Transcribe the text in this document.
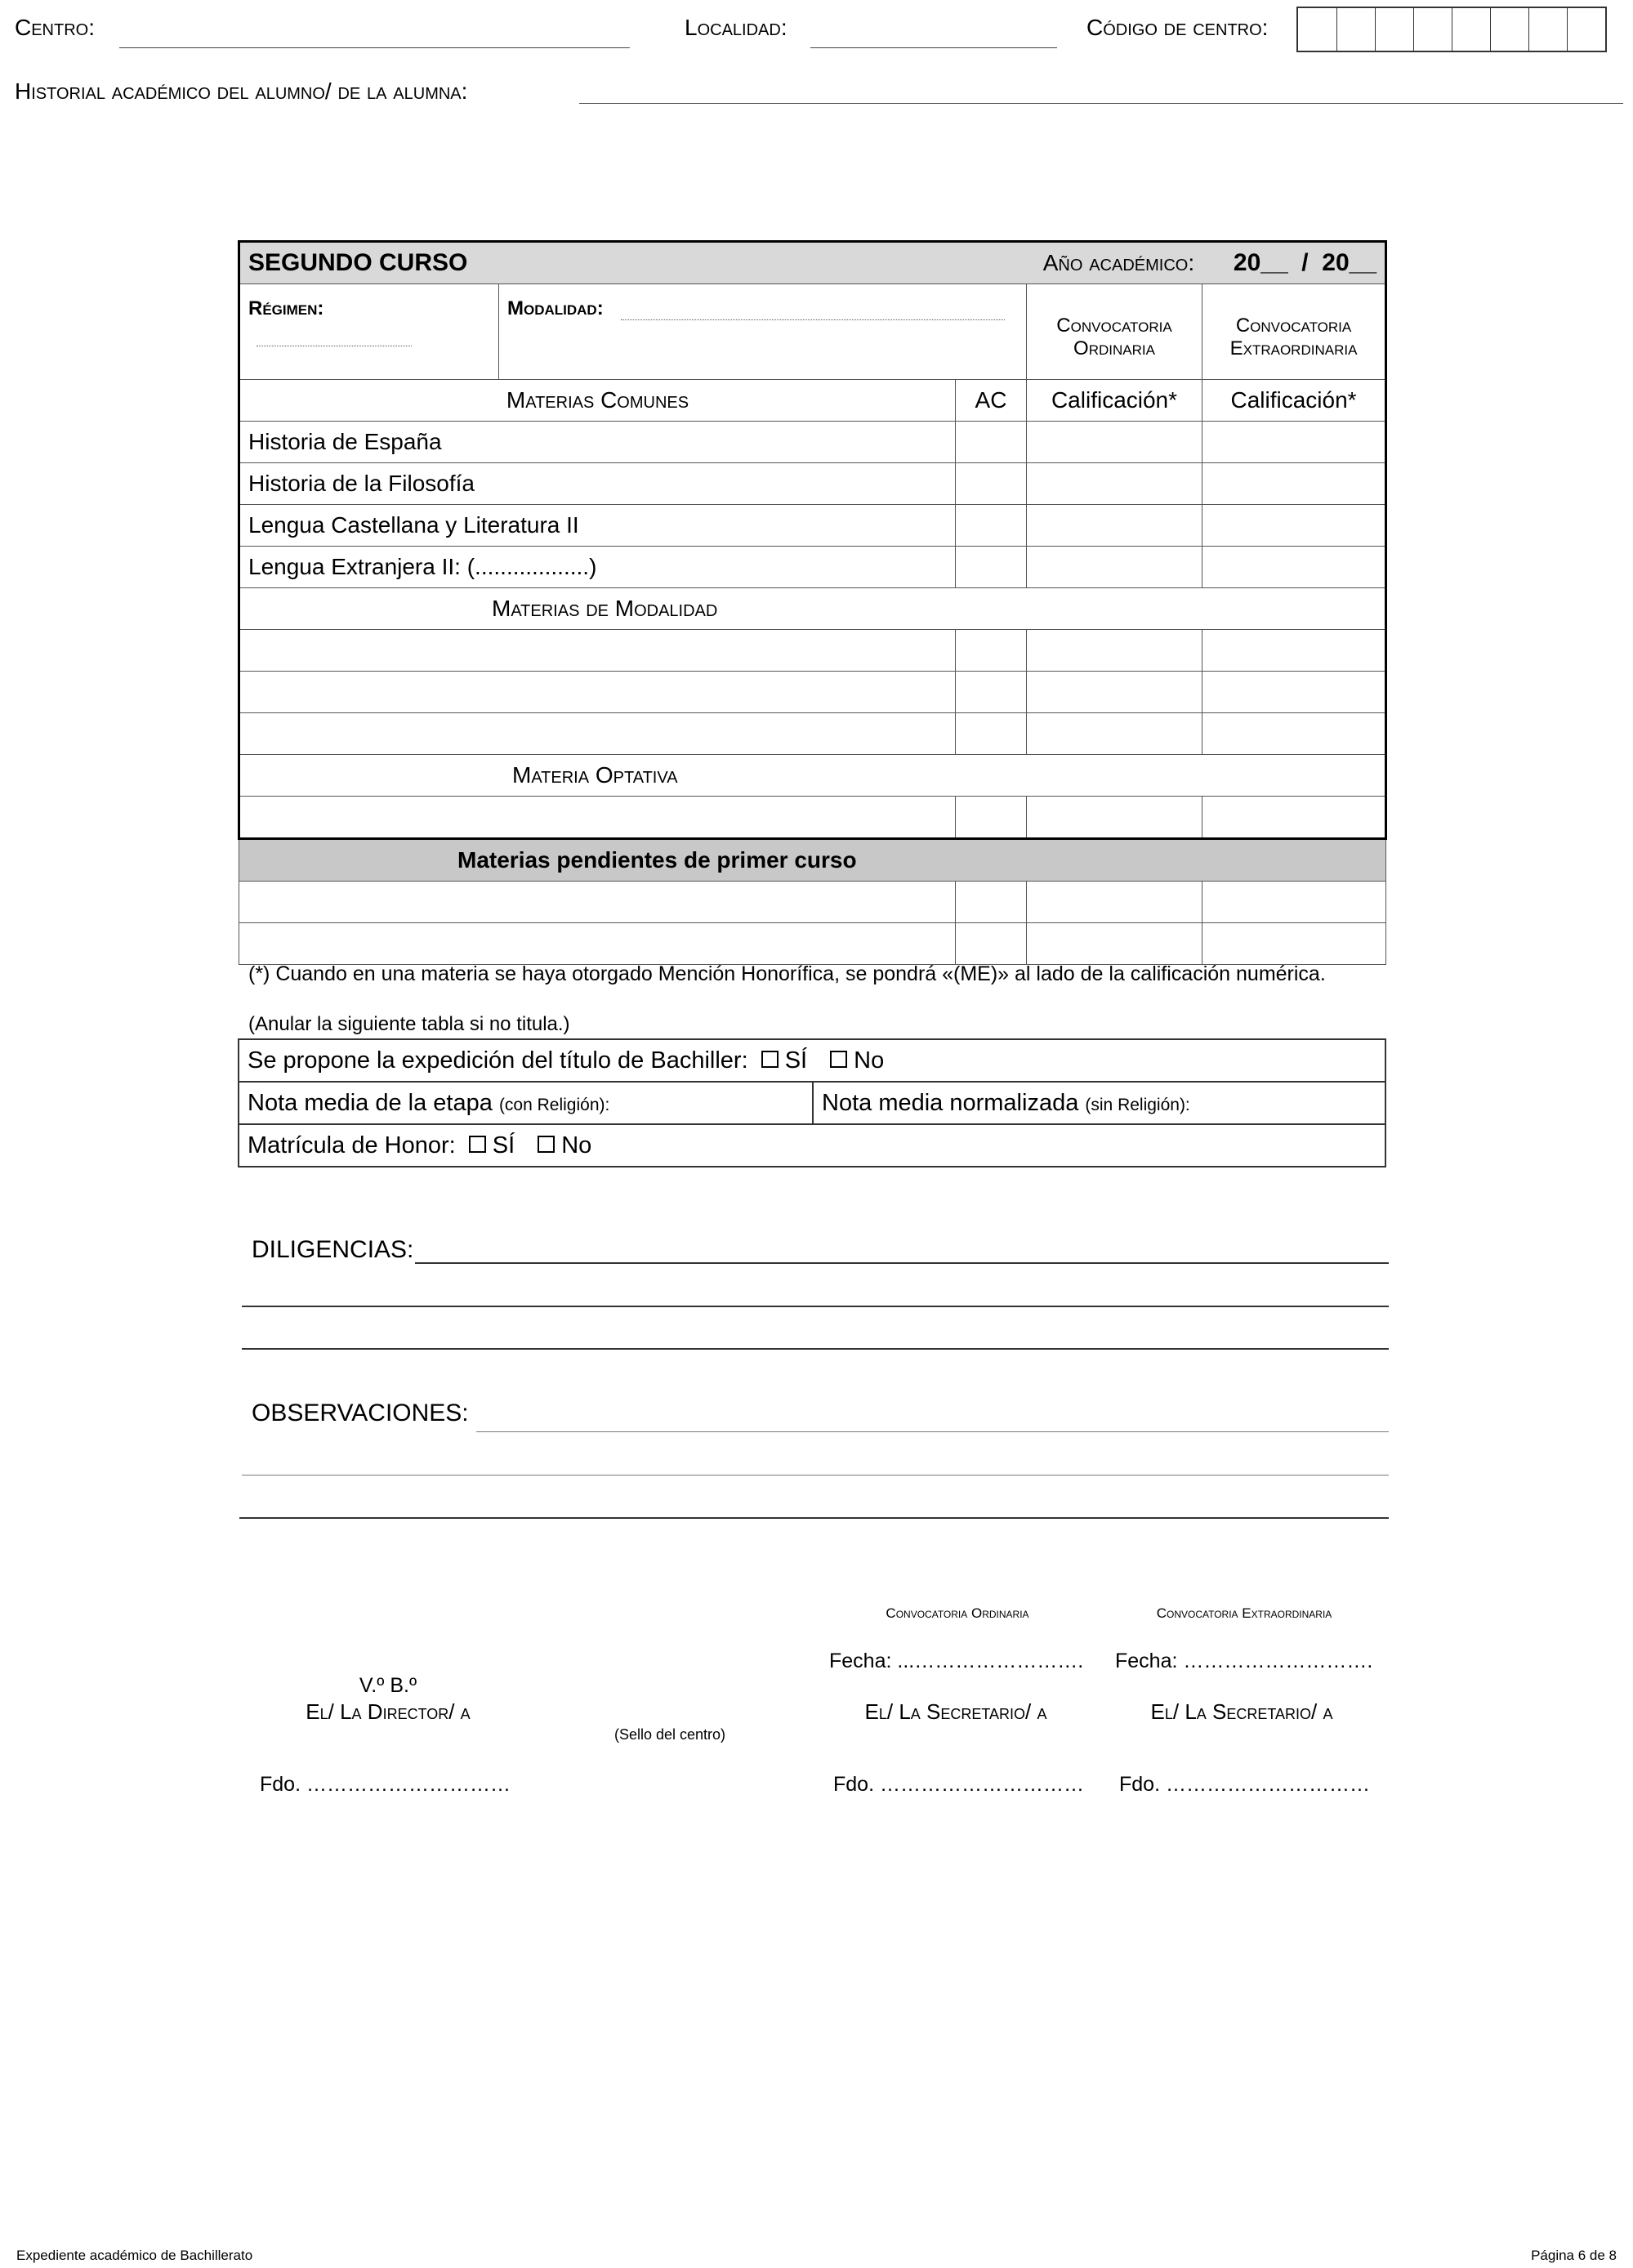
Centro:	Localidad:	Código de centro:
Historial académico del alumno/ de la alumna:
SEGUNDO CURSO Año académico: 20__  /  20__				

Régimen:	Modalidad:		Convocatoria Ordinaria	Convocatoria Extraordinaria
Materias Comunes		AC	Calificación*	Calificación*
Historia de España				
Historia de la Filosofía				
Lengua Castellana y Literatura II				
Lengua Extranjera II: (..................)				
Materias de Modalidad				

Materia Optativa				

Materias pendientes de primer curso				

(*) Cuando en una materia se haya otorgado Mención Honorífica, se pondrá «(ME)» al lado de la calificación numérica.
(Anular la siguiente tabla si no titula.)
Se propone la expedición del título de Bachiller: SÍ No
Nota media de la etapa (con Religión):	Nota media normalizada (sin Religión):
Matrícula de Honor: SÍ No
DILIGENCIAS:
OBSERVACIONES:
Convocatoria Ordinaria	Convocatoria Extraordinaria
Fecha: ...……………………. Fecha: ……………………….
V.º B.º
El/ La Director/ a
(Sello del centro)
El/ La Secretario/ a	El/ La Secretario/ a
Fdo. …………………………	Fdo. …………………………	Fdo. …………………………
Expediente académico de Bachillerato	Página 6 de 8
